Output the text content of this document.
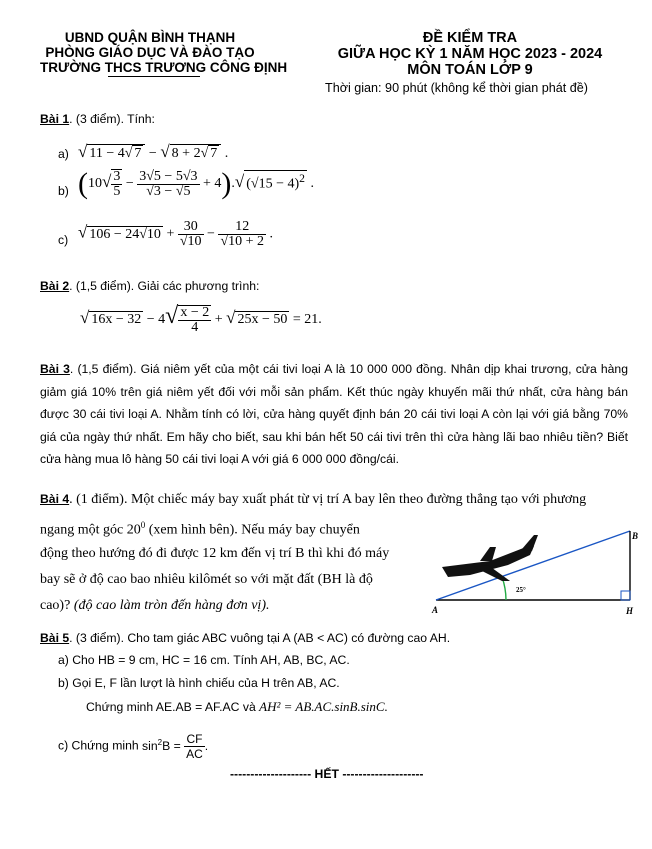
UBND QUẬN BÌNH THẠNH
PHÒNG GIÁO DỤC VÀ ĐÀO TẠO
TRƯỜNG THCS TRƯƠNG CÔNG ĐỊNH
ĐỀ KIỂM TRA
GIỮA HỌC KỲ 1 NĂM HỌC 2023 - 2024
MÔN TOÁN LỚP 9
Thời gian: 90 phút (không kể thời gian phát đề)
Bài 1. (3 điểm). Tính:
a) √ 11 − 4√ 7 − √ 8 + 2√ 7 .
b) $(10√ \frac{3}{5} - \frac{3√5 - 5√3}{√3 - √5} + 4).√$ $(√15 - 4)^2$ .
c) √ $106 - 24√10 + \frac{30}{√10} - \frac{12}{√10 + 2}$ .
Bài 2. (1,5 điểm). Giải các phương trình:
√ $16x - 32 - 4√ \frac{x - 2}{4}$ + √ 25x − 50 = 21.
Bài 3. (1,5 điểm). Giá niêm yết của một cái tivi loại A là 10 000 000 đồng. Nhân dịp khai trương, cửa hàng giảm giá 10% trên giá niêm yết đối với mỗi sản phẩm. Kết thúc ngày khuyến mãi thứ nhất, cửa hàng bán được 30 cái tivi loại A. Nhằm tính có lời, cửa hàng quyết định bán 20 cái tivi loại A còn lại với giá bằng 70% giá của ngày thứ nhất. Em hãy cho biết, sau khi bán hết 50 cái tivi trên thì cửa hàng lãi bao nhiêu tiền? Biết cửa hàng mua lô hàng 50 cái tivi loại A với giá 6 000 000 đồng/cái.
Bài 4. (1 điểm). Một chiếc máy bay xuất phát từ vị trí A bay lên theo đường thẳng tạo với phương
ngang một góc $20^0$ (xem hình bên). Nếu máy bay chuyển
động theo hướng đó đi được 12 km đến vị trí B thì khi đó máy
bay sẽ ở độ cao bao nhiêu kilômét so với mặt đất (BH là độ
cao)? (độ cao làm tròn đến hàng đơn vị).	A
B
H
25°
Bài 5. (3 điểm). Cho tam giác ABC vuông tại A (AB < AC) có đường cao AH.
a) Cho HB = 9 cm, HC = 16 cm. Tính AH, AB, BC, AC.
b) Gọi E, F lần lượt là hình chiếu của H trên AB, AC.
Chứng minh AE.AB = AF.AC và AH² = AB.AC.sinB.sinC.
c) Chứng minh $\sin^2B = \frac{CF}{AC}$ .
-------------------- HẾT --------------------
